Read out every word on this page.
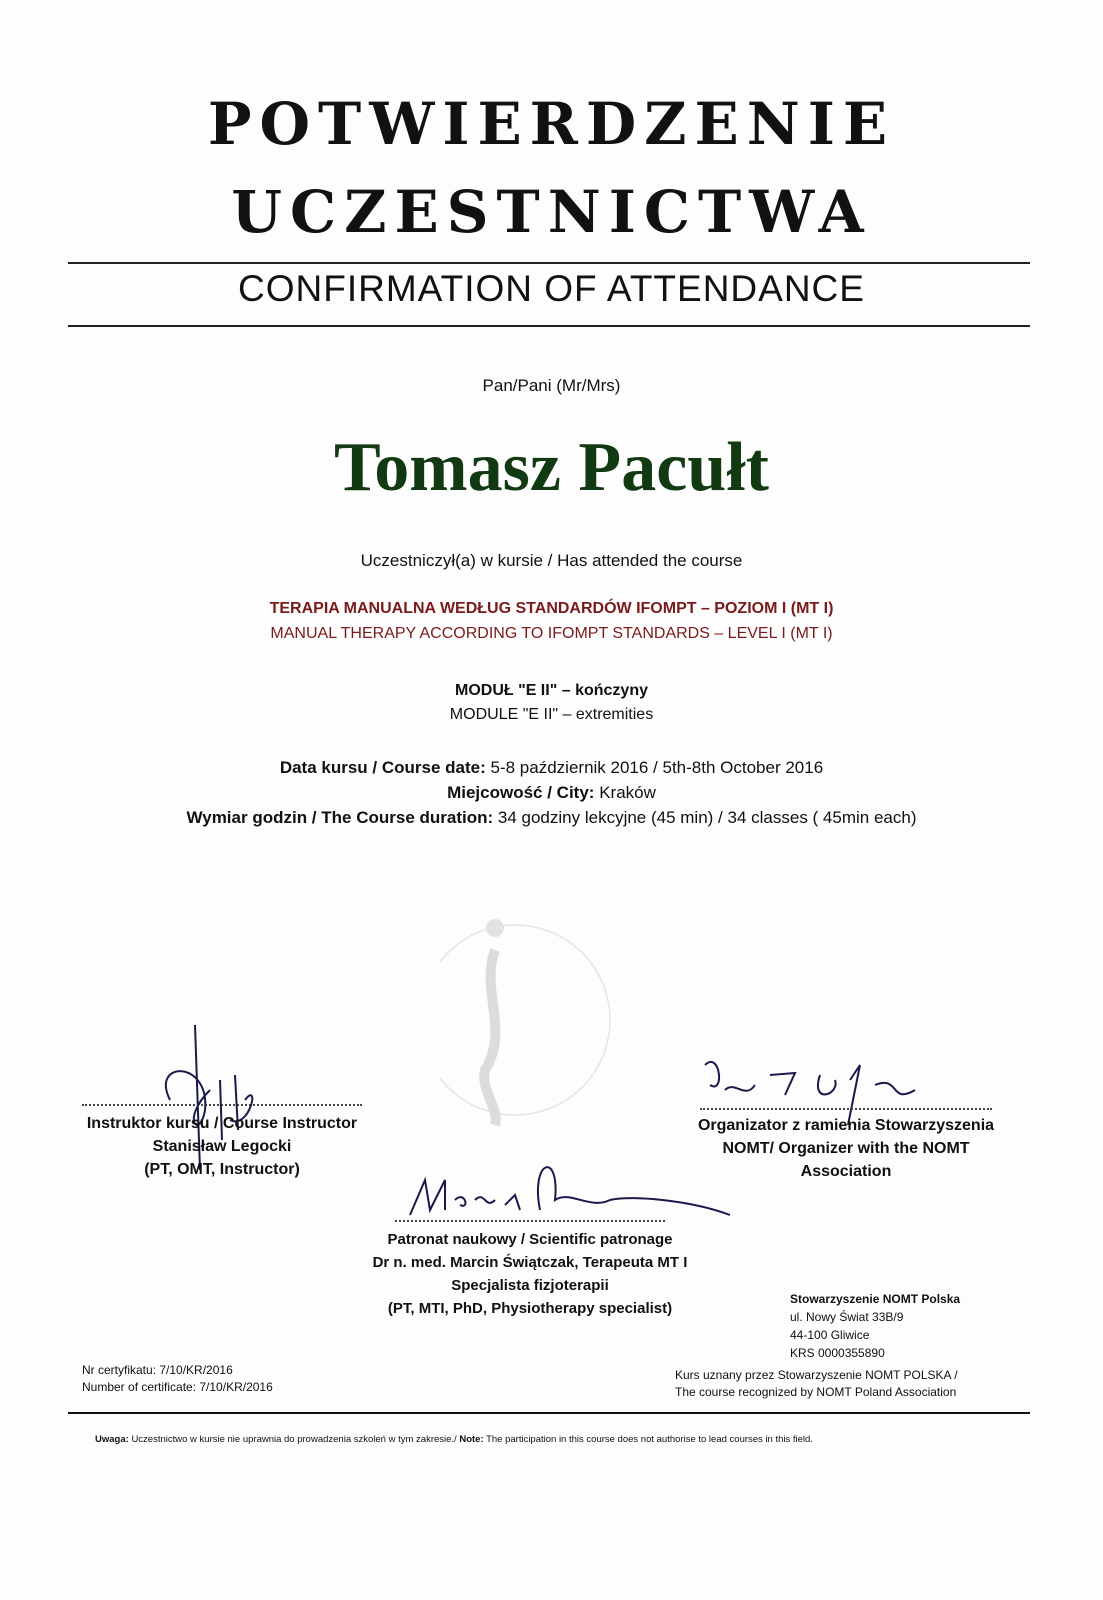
POTWIERDZENIE
UCZESTNICTWA
CONFIRMATION OF ATTENDANCE
Pan/Pani (Mr/Mrs)
Tomasz Pacułt
Uczestniczył(a) w kursie / Has attended the course
TERAPIA MANUALNA WEDŁUG STANDARDÓW IFOMPT – POZIOM I (MT I)
MANUAL THERAPY ACCORDING TO IFOMPT STANDARDS – LEVEL I (MT I)
MODUŁ "E II" – kończyny
MODULE "E II" – extremities
Data kursu / Course date: 5-8 październik 2016 / 5th-8th October 2016
Miejcowość / City: Kraków
Wymiar godzin / The Course duration: 34 godziny lekcyjne (45 min) / 34 classes ( 45min each)
Instruktor kursu / Course Instructor
Stanisław Legocki
(PT, OMT, Instructor)
Organizator z ramienia Stowarzyszenia
NOMT/ Organizer with the NOMT
Association
Patronat naukowy / Scientific patronage
Dr n. med. Marcin Świątczak, Terapeuta MT I
Specjalista fizjoterapii
(PT, MTI, PhD, Physiotherapy specialist)
Stowarzyszenie NOMT Polska
ul. Nowy Świat 33B/9
44-100 Gliwice
KRS 0000355890
Nr certyfikatu: 7/10/KR/2016
Number of certificate: 7/10/KR/2016
Kurs uznany przez Stowarzyszenie NOMT POLSKA /
The course recognized by NOMT Poland Association
Uwaga: Uczestnictwo w kursie nie uprawnia do prowadzenia szkoleń w tym zakresie./ Note: The participation in this course does not authorise to lead courses in this field.
